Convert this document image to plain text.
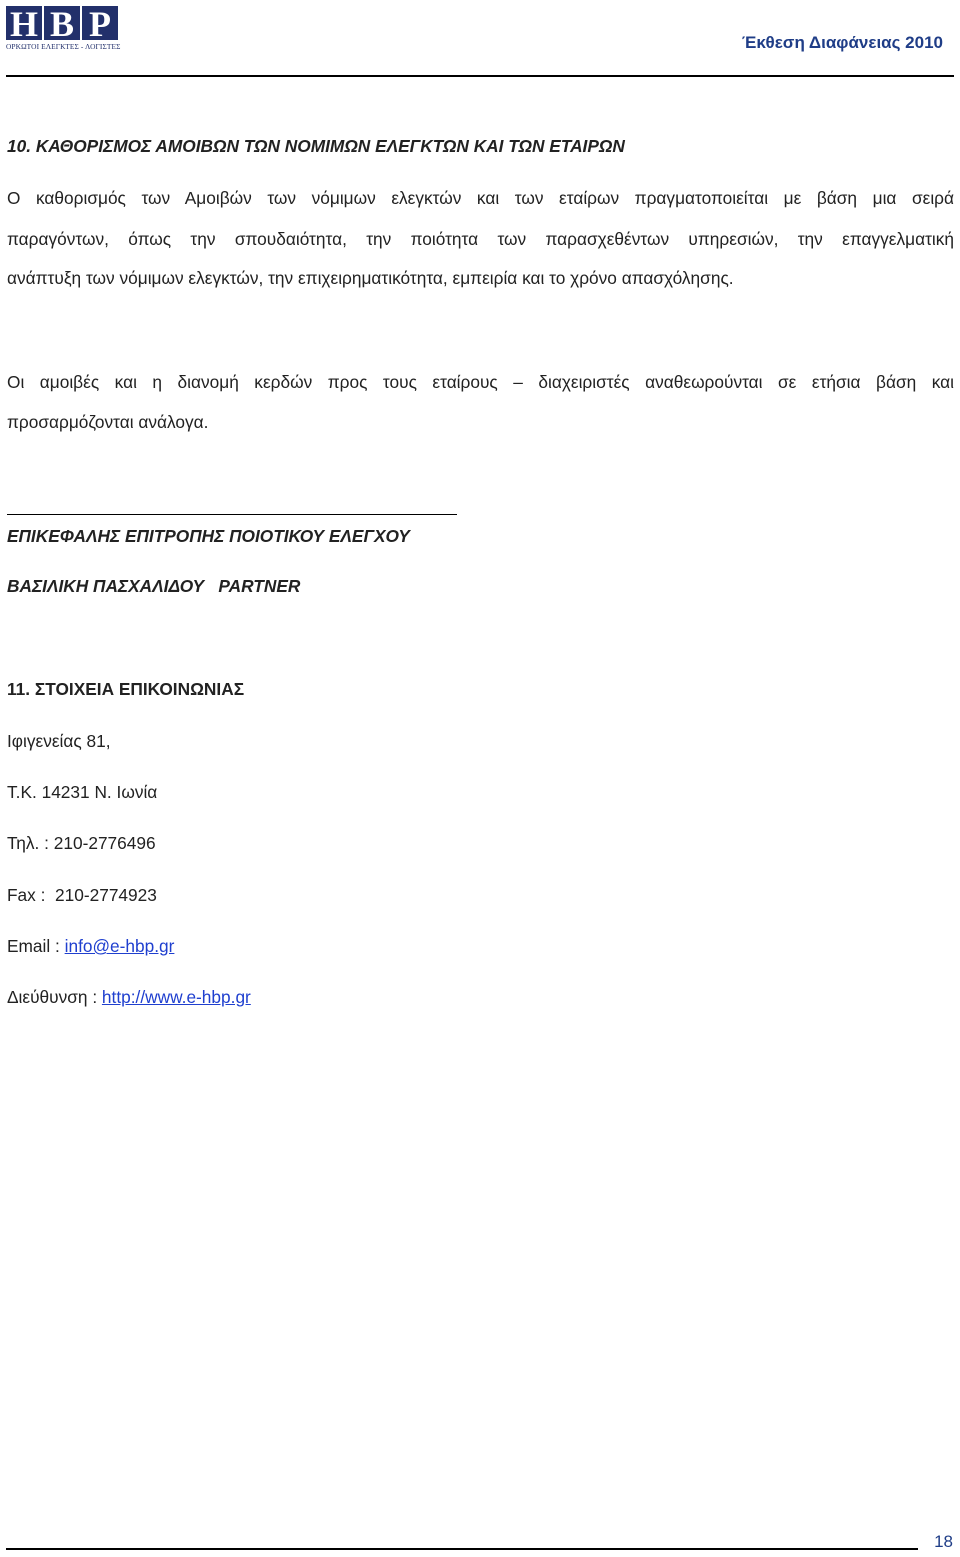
H B P
ΟΡΚΩΤΟΙ ΕΛΕΓΚΤΕΣ - ΛΟΓΙΣΤΕΣ	Έκθεση Διαφάνειας 2010
10. ΚΑΘΟΡΙΣΜΟΣ ΑΜΟΙΒΩΝ ΤΩΝ ΝΟΜΙΜΩΝ ΕΛΕΓΚΤΩΝ ΚΑΙ ΤΩΝ ΕΤΑΙΡΩΝ
Ο καθορισμός των Αμοιβών των νόμιμων ελεγκτών και των εταίρων πραγματοποιείται με βάση μια σειρά
παραγόντων, όπως την σπουδαιότητα, την ποιότητα των παρασχεθέντων υπηρεσιών, την επαγγελματική
ανάπτυξη των νόμιμων ελεγκτών, την επιχειρηματικότητα, εμπειρία και το χρόνο απασχόλησης.
Οι αμοιβές και η διανομή κερδών προς τους εταίρους – διαχειριστές αναθεωρούνται σε ετήσια βάση και
προσαρμόζονται ανάλογα.
ΕΠΙΚΕΦΑΛΗΣ ΕΠΙΤΡΟΠΗΣ ΠΟΙΟΤΙΚΟΥ ΕΛΕΓΧΟΥ
ΒΑΣΙΛΙΚΗ ΠΑΣΧΑΛΙΔΟΥ   PARTNER
11. ΣΤΟΙΧΕΙΑ ΕΠΙΚΟΙΝΩΝΙΑΣ
Ιφιγενείας 81,
Τ.Κ. 14231 Ν. Ιωνία
Τηλ. : 210-2776496
Fax :  210-2774923
Email : info@e-hbp.gr
Διεύθυνση : http://www.e-hbp.gr
18
